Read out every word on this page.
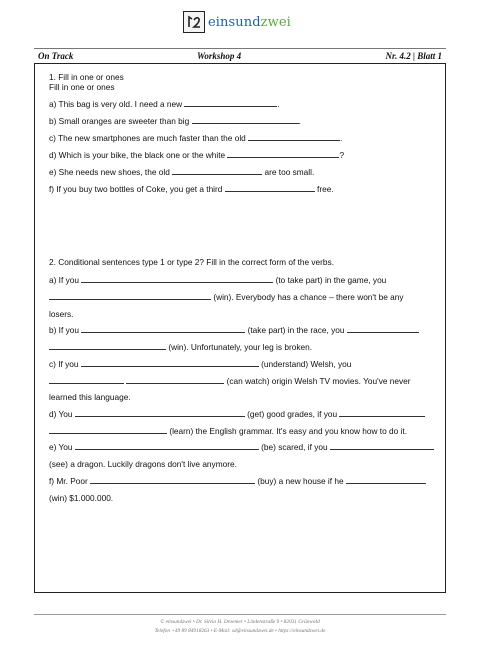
einsundzwei
On Track	Workshop 4	Nr. 4.2 | Blatt 1
1. Fill in one or ones
Fill in one or ones
a) This bag is very old. I need a new	.
b) Small oranges are sweeter than big	.
c) The new smartphones are much faster than the old	.
d) Which is your bike, the black one or the white	?
e) She needs new shoes, the old	are too small.
f) If you buy two bottles of Coke, you get a third	free.
2. Conditional sentences type 1 or type 2? Fill in the correct form of the verbs.
a) If you	(to take part) in the game, you
(win). Everybody has a chance – there won't be any
losers.
b) If you	(take part) in the race, you
(win). Unfortunately, your leg is broken.
c) If you	(understand) Welsh, you
(can watch) origin Welsh TV movies. You've never
learned this language.
d) You	(get) good grades, if you
(learn) the English grammar. It's easy and you know how to do it.
e) You	(be) scared, if you
(see) a dragon. Luckily dragons don't live anymore.
f) Mr. Poor	(buy) a new house if he
(win) $1.000.000.
© einsundzwei • Dr. Silvia H. Droemer • Lindenstraße 9 • 82031 Grünwald
Telefon +49 89 84918263 • E-Mail: sd@einsundzwei.de • https://einsundzwei.de
